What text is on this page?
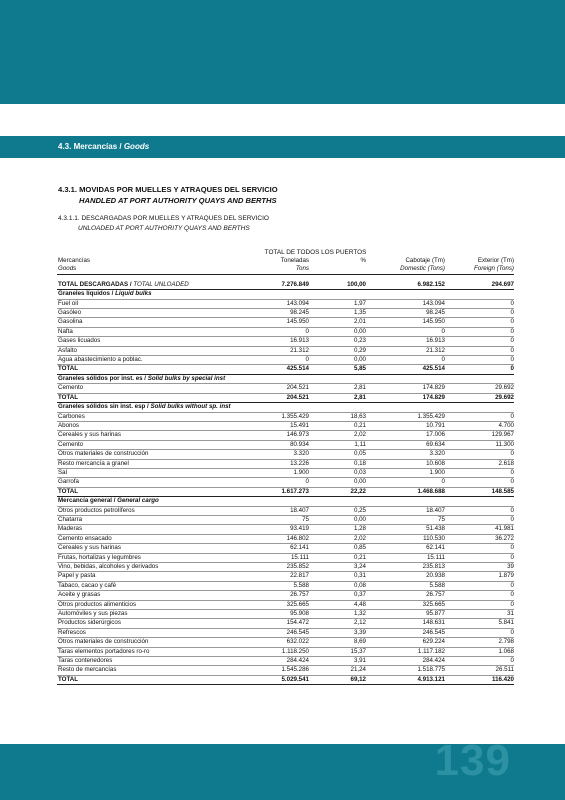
4.3. Mercancías / Goods
4.3.1. MOVIDAS POR MUELLES Y ATRAQUES DEL SERVICIO
HANDLED AT PORT AUTHORITY QUAYS AND BERTHS
4.3.1.1. DESCARGADAS POR MUELLES Y ATRAQUES DEL SERVICIO
UNLOADED AT PORT AUTHORITY QUAYS AND BERTHS
TOTAL DE TODOS LOS PUERTOS
Mercancías	Toneladas	%	Cabotaje (Tm)	Exterior (Tm)
Goods	Tons		Domestic (Tons)	Foreign (Tons)

TOTAL DESCARGADAS / TOTAL UNLOADED	7.276.849	100,00	6.982.152	294.697
Graneles líquidos / Liquid bulks				
Fuel oil	143.094	1,97	143.094	0
Gasóleo	98.245	1,35	98.245	0
Gasolina	145.950	2,01	145.950	0
Nafta	0	0,00	0	0
Gases licuados	16.913	0,23	16.913	0
Asfalto	21.312	0,29	21.312	0
Agua abastecimiento a poblac.	0	0,00	0	0
TOTAL	425.514	5,85	425.514	0
Graneles sólidos por inst. es / Solid bulks by special inst				
Cemento	204.521	2,81	174.829	29.692
TOTAL	204.521	2,81	174.829	29.692
Graneles sólidos sin inst. esp / Solid bulks without sp. inst				
Carbones	1.355.429	18,63	1.355.429	0
Abonos	15.491	0,21	10.791	4.700
Cereales y sus harinas	146.973	2,02	17.006	129.967
Cemento	80.934	1,11	69.634	11.300
Otros materiales de construcción	3.320	0,05	3.320	0
Resto mercancía a granel	13.226	0,18	10.608	2.618
Sal	1.900	0,03	1.900	0
Garrofa	0	0,00	0	0
TOTAL	1.617.273	22,22	1.468.688	148.585
Mercancía general / General cargo				
Otros productos petrolíferos	18.407	0,25	18.407	0
Chatarra	75	0,00	75	0
Maderas	93.419	1,28	51.438	41.981
Cemento ensacado	146.802	2,02	110.530	36.272
Cereales y sus harinas	62.141	0,85	62.141	0
Frutas, hortalizas y legumbres	15.111	0,21	15.111	0
Vino, bebidas, alcoholes y derivados	235.852	3,24	235.813	39
Papel y pasta	22.817	0,31	20.938	1.879
Tabaco, cacao y café	5.588	0,08	5.588	0
Aceite y grasas	26.757	0,37	26.757	0
Otros productos alimenticios	325.665	4,48	325.665	0
Automóviles y sus piezas	95.908	1,32	95.877	31
Productos siderúrgicos	154.472	2,12	148.631	5.841
Refrescos	246.545	3,39	246.545	0
Otros materiales de construcción	632.022	8,69	629.224	2.798
Taras elementos portadores ro-ro	1.118.250	15,37	1.117.182	1.068
Taras contenedores	284.424	3,91	284.424	0
Resto de mercancías	1.545.286	21,24	1.518.775	26.511
TOTAL	5.029.541	69,12	4.913.121	116.420
139
